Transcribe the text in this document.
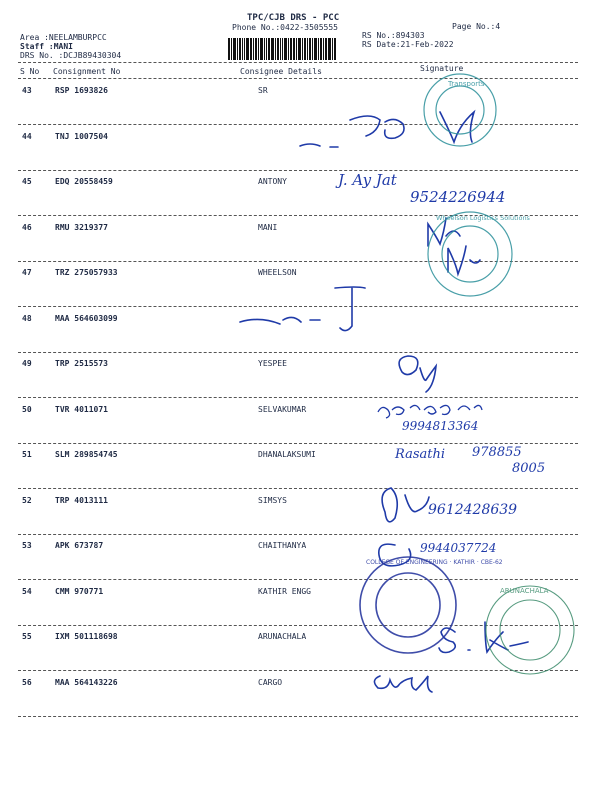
TPC/CJB DRS - PCC
Phone No.:0422-3505555	Page No.:4
Area :NEELAMBURPCC
Staff :MANI
DRS No. :DCJB89430304
RS No.:894303
RS Date:21-Feb-2022
S No Consignment No	Consignee Details	Signature
43	RSP 1693826	SR
44	TNJ 1007504
45	EDQ 20558459	ANTONY
46	RMU 3219377	MANI
47	TRZ 275057933	WHEELSON
48	MAA 564603099
49	TRP 2515573	YESPEE
50	TVR 4011071	SELVAKUMAR
51	SLM 289854745	DHANALAKSUMI
52	TRP 4013111	SIMSYS
53	APK 673787	CHAITHANYA
54	CMM 970771	KATHIR ENGG
55	IXM 501118698	ARUNACHALA
56	MAA 564143226	CARGO
J. Ay Jat
9524226944
9994813364
Rasathi 978855
8005
9612428639
9944037724
Transports
Wheelson Logistics Solutions
COLLEGE OF ENGINEERING · KATHIR · CBE-62
ARUNACHALA
